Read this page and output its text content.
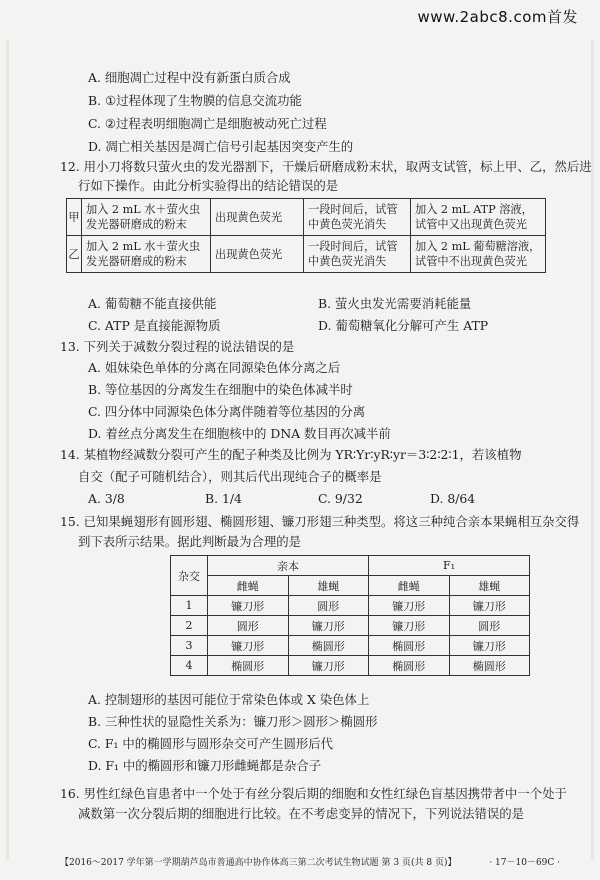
www.2abc8.com首发
A. 细胞凋亡过程中没有新蛋白质合成
B. ①过程体现了生物膜的信息交流功能
C. ②过程表明细胞凋亡是细胞被动死亡过程
D. 凋亡相关基因是凋亡信号引起基因突变产生的
12. 用小刀将数只萤火虫的发光器割下，干燥后研磨成粉末状，取两支试管，标上甲、乙，然后进
行如下操作。由此分析实验得出的结论错误的是
甲	加入 2 mL 水＋萤火虫发光器研磨成的粉末	出现黄色荧光	一段时间后，试管中黄色荧光消失	加入 2 mL ATP 溶液，试管中又出现黄色荧光
乙	加入 2 mL 水＋萤火虫发光器研磨成的粉末	出现黄色荧光	一段时间后，试管中黄色荧光消失	加入 2 mL 葡萄糖溶液，试管中不出现黄色荧光
A. 葡萄糖不能直接供能	B. 萤火虫发光需要消耗能量
C. ATP 是直接能源物质	D. 葡萄糖氧化分解可产生 ATP
13. 下列关于减数分裂过程的说法错误的是
A. 姐妹染色单体的分离在同源染色体分离之后
B. 等位基因的分离发生在细胞中的染色体减半时
C. 四分体中同源染色体分离伴随着等位基因的分离
D. 着丝点分离发生在细胞核中的 DNA 数目再次减半前
14. 某植物经减数分裂可产生的配子种类及比例为 YR∶Yr∶yR∶yr＝3∶2∶2∶1，若该植物
自交（配子可随机结合），则其后代出现纯合子的概率是
A. 3/8	B. 1/4	C. 9/32	D. 8/64
15. 已知果蝇翅形有圆形翅、椭圆形翅、镰刀形翅三种类型。将这三种纯合亲本果蝇相互杂交得
到下表所示结果。据此判断最为合理的是
杂交	亲本		F₁	
	雌蝇	雄蝇	雌蝇	雄蝇
1	镰刀形	圆形	镰刀形	镰刀形
2	圆形	镰刀形	镰刀形	圆形
3	镰刀形	椭圆形	椭圆形	镰刀形
4	椭圆形	镰刀形	椭圆形	椭圆形
A. 控制翅形的基因可能位于常染色体或 X 染色体上
B. 三种性状的显隐性关系为：镰刀形＞圆形＞椭圆形
C. F₁ 中的椭圆形与圆形杂交可产生圆形后代
D. F₁ 中的椭圆形和镰刀形雌蝇都是杂合子
16. 男性红绿色盲患者中一个处于有丝分裂后期的细胞和女性红绿色盲基因携带者中一个处于
减数第一次分裂后期的细胞进行比较。在不考虑变异的情况下，下列说法错误的是
【2016～2017 学年第一学期葫芦岛市普通高中协作体高三第二次考试生物试题 第 3 页(共 8 页)】	· 17－10－69C ·
